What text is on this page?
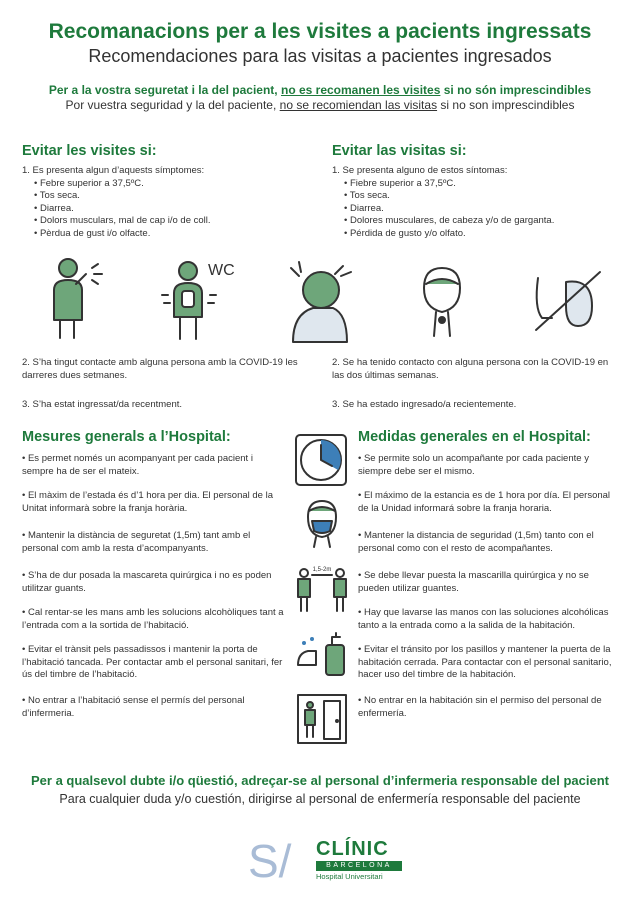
Recomanacions per a les visites a pacients ingressats
Recomendaciones para las visitas a pacientes ingresados
Per a la vostra seguretat i la del pacient, no es recomanen les visites si no són imprescindibles
Por vuestra seguridad y la del paciente, no se recomiendan las visitas si no son imprescindibles
Evitar les visites si:
1. Es presenta algun d’aquests símptomes:
• Febre superior a 37,5ºC.
• Tos seca.
• Diarrea.
• Dolors musculars, mal de cap i/o de coll.
• Pèrdua de gust i/o olfacte.
Evitar las visitas si:
1. Se presenta alguno de estos síntomas:
• Fiebre superior a 37,5ºC.
• Tos seca.
• Diarrea.
• Dolores musculares, de cabeza y/o de garganta.
• Pérdida de gusto y/o olfato.
WC
2. S’ha tingut contacte amb alguna persona amb la COVID-19 les darreres dues setmanes.
3. S’ha estat ingressat/da recentment.
2. Se ha tenido contacto con alguna persona con la COVID-19 en las dos últimas semanas.
3. Se ha estado ingresado/a recientemente.
Mesures generals a l’Hospital:	Medidas generales en el Hospital:
• Es permet només un acompanyant per cada pacient i sempre ha de ser el mateix.
• El màxim de l’estada és d’1 hora per dia. El personal de la Unitat informarà sobre la franja horària.
• Mantenir la distància de seguretat (1,5m) tant amb el personal com amb la resta d’acompanyants.
• S’ha de dur posada la mascareta quirúrgica i no es poden utilitzar guants.
• Cal rentar-se les mans amb les solucions alcohòliques tant a l’entrada com a la sortida de l’habitació.
• Evitar el trànsit pels passadissos i mantenir la porta de l’habitació tancada. Per contactar amb el personal sanitari, fer ús del timbre de l’habitació.
• No entrar a l’habitació sense el permís del personal d’infermeria.
• Se permite solo un acompañante por cada paciente y siempre debe ser el mismo.
• El máximo de la estancia es de 1 hora por día. El personal de la Unidad informará sobre la franja horaria.
• Mantener la distancia de seguridad (1,5m) tanto con el personal como con el resto de acompañantes.
• Se debe llevar puesta la mascarilla quirúrgica y no se pueden utilizar guantes.
• Hay que lavarse las manos con las soluciones alcohólicas tanto a la entrada como a la salida de la habitación.
• Evitar el tránsito por los pasillos y mantener la puerta de la habitación cerrada. Para contactar con el personal sanitario, hacer uso del timbre de la habitación.
• No entrar en la habitación sin el permiso del personal de enfermería.
1,5-2m
Per a qualsevol dubte i/o qüestió, adreçar-se al personal d’infermeria responsable del pacient
Para cualquier duda y/o cuestión, dirigirse al personal de enfermería responsable del paciente
S/ CLÍNIC
BARCELONA
Hospital Universitari
